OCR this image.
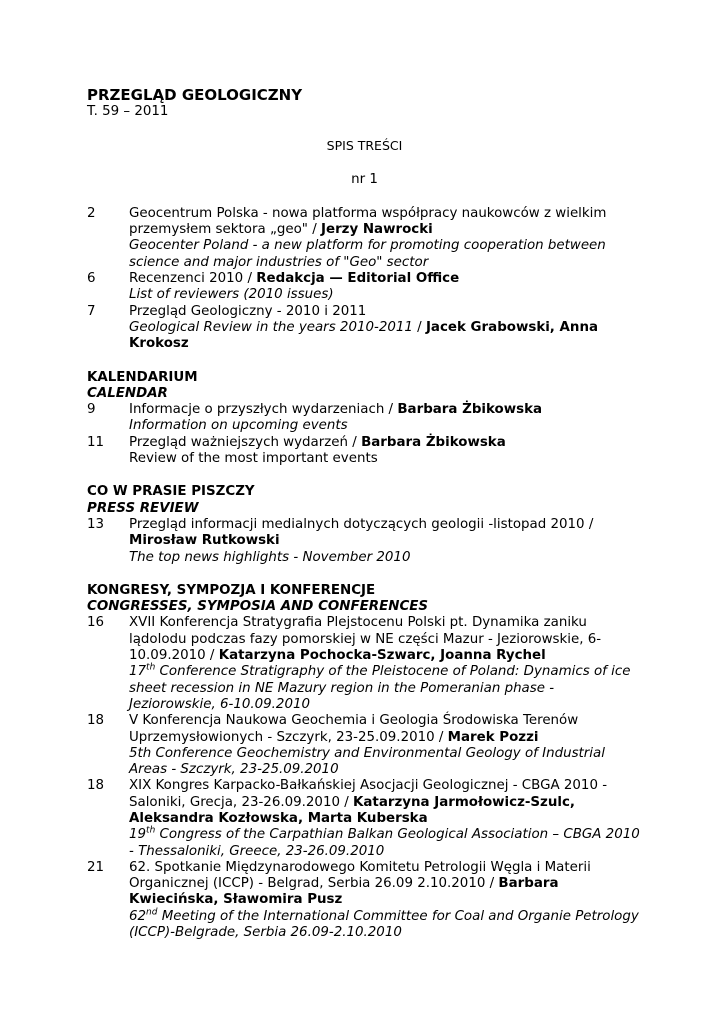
PRZEGLĄD GEOLOGICZNY
T. 59 – 2011
SPIS TREŚCI
nr 1
2	Geocentrum Polska - nowa platforma współpracy naukowców z wielkim przemysłem sektora „geo" / Jerzy Nawrocki
Geocenter Poland - a new platform for promoting cooperation between science and major industries of "Geo" sector
6	Recenzenci 2010 / Redakcja — Editorial Office
List of reviewers (2010 issues)
7	Przegląd Geologiczny - 2010 i 2011
Geological Review in the years 2010-2011 / Jacek Grabowski, Anna Krokosz
KALENDARIUM
CALENDAR
9	Informacje o przyszłych wydarzeniach / Barbara Żbikowska
Information on upcoming events
11	Przegląd ważniejszych wydarzeń / Barbara Żbikowska
Review of the most important events
CO W PRASIE PISZCZY
PRESS REVIEW
13	Przegląd informacji medialnych dotyczących geologii -listopad 2010 / Mirosław Rutkowski
The top news highlights - November 2010
KONGRESY, SYMPOZJA I KONFERENCJE
CONGRESSES, SYMPOSIA AND CONFERENCES
16	XVII Konferencja Stratygrafia Plejstocenu Polski pt. Dynamika zaniku lądolodu podczas fazy pomorskiej w NE części Mazur - Jeziorowskie, 6-10.09.2010 / Katarzyna Pochocka-Szwarc, Joanna Rychel
17th Conference Stratigraphy of the Pleistocene of Poland: Dynamics of ice sheet recession in NE Mazury region in the Pomeranian phase - Jeziorowskie, 6-10.09.2010
18	V Konferencja Naukowa Geochemia i Geologia Środowiska Terenów Uprzemysłowionych - Szczyrk, 23-25.09.2010 / Marek Pozzi
5th Conference Geochemistry and Environmental Geology of Industrial Areas - Szczyrk, 23-25.09.2010
18	XIX Kongres Karpacko-Bałkańskiej Asocjacji Geologicznej - CBGA 2010 - Saloniki, Grecja, 23-26.09.2010 / Katarzyna Jarmołowicz-Szulc, Aleksandra Kozłowska, Marta Kuberska
19th Congress of the Carpathian Balkan Geological Association – CBGA 2010 - Thessaloniki, Greece, 23-26.09.2010
21	62. Spotkanie Międzynarodowego Komitetu Petrologii Węgla i Materii Organicznej (ICCP) - Belgrad, Serbia 26.09 2.10.2010 / Barbara Kwiecińska, Sławomira Pusz
62nd Meeting of the International Committee for Coal and Organie Petrology (ICCP)-Belgrade, Serbia 26.09-2.10.2010
